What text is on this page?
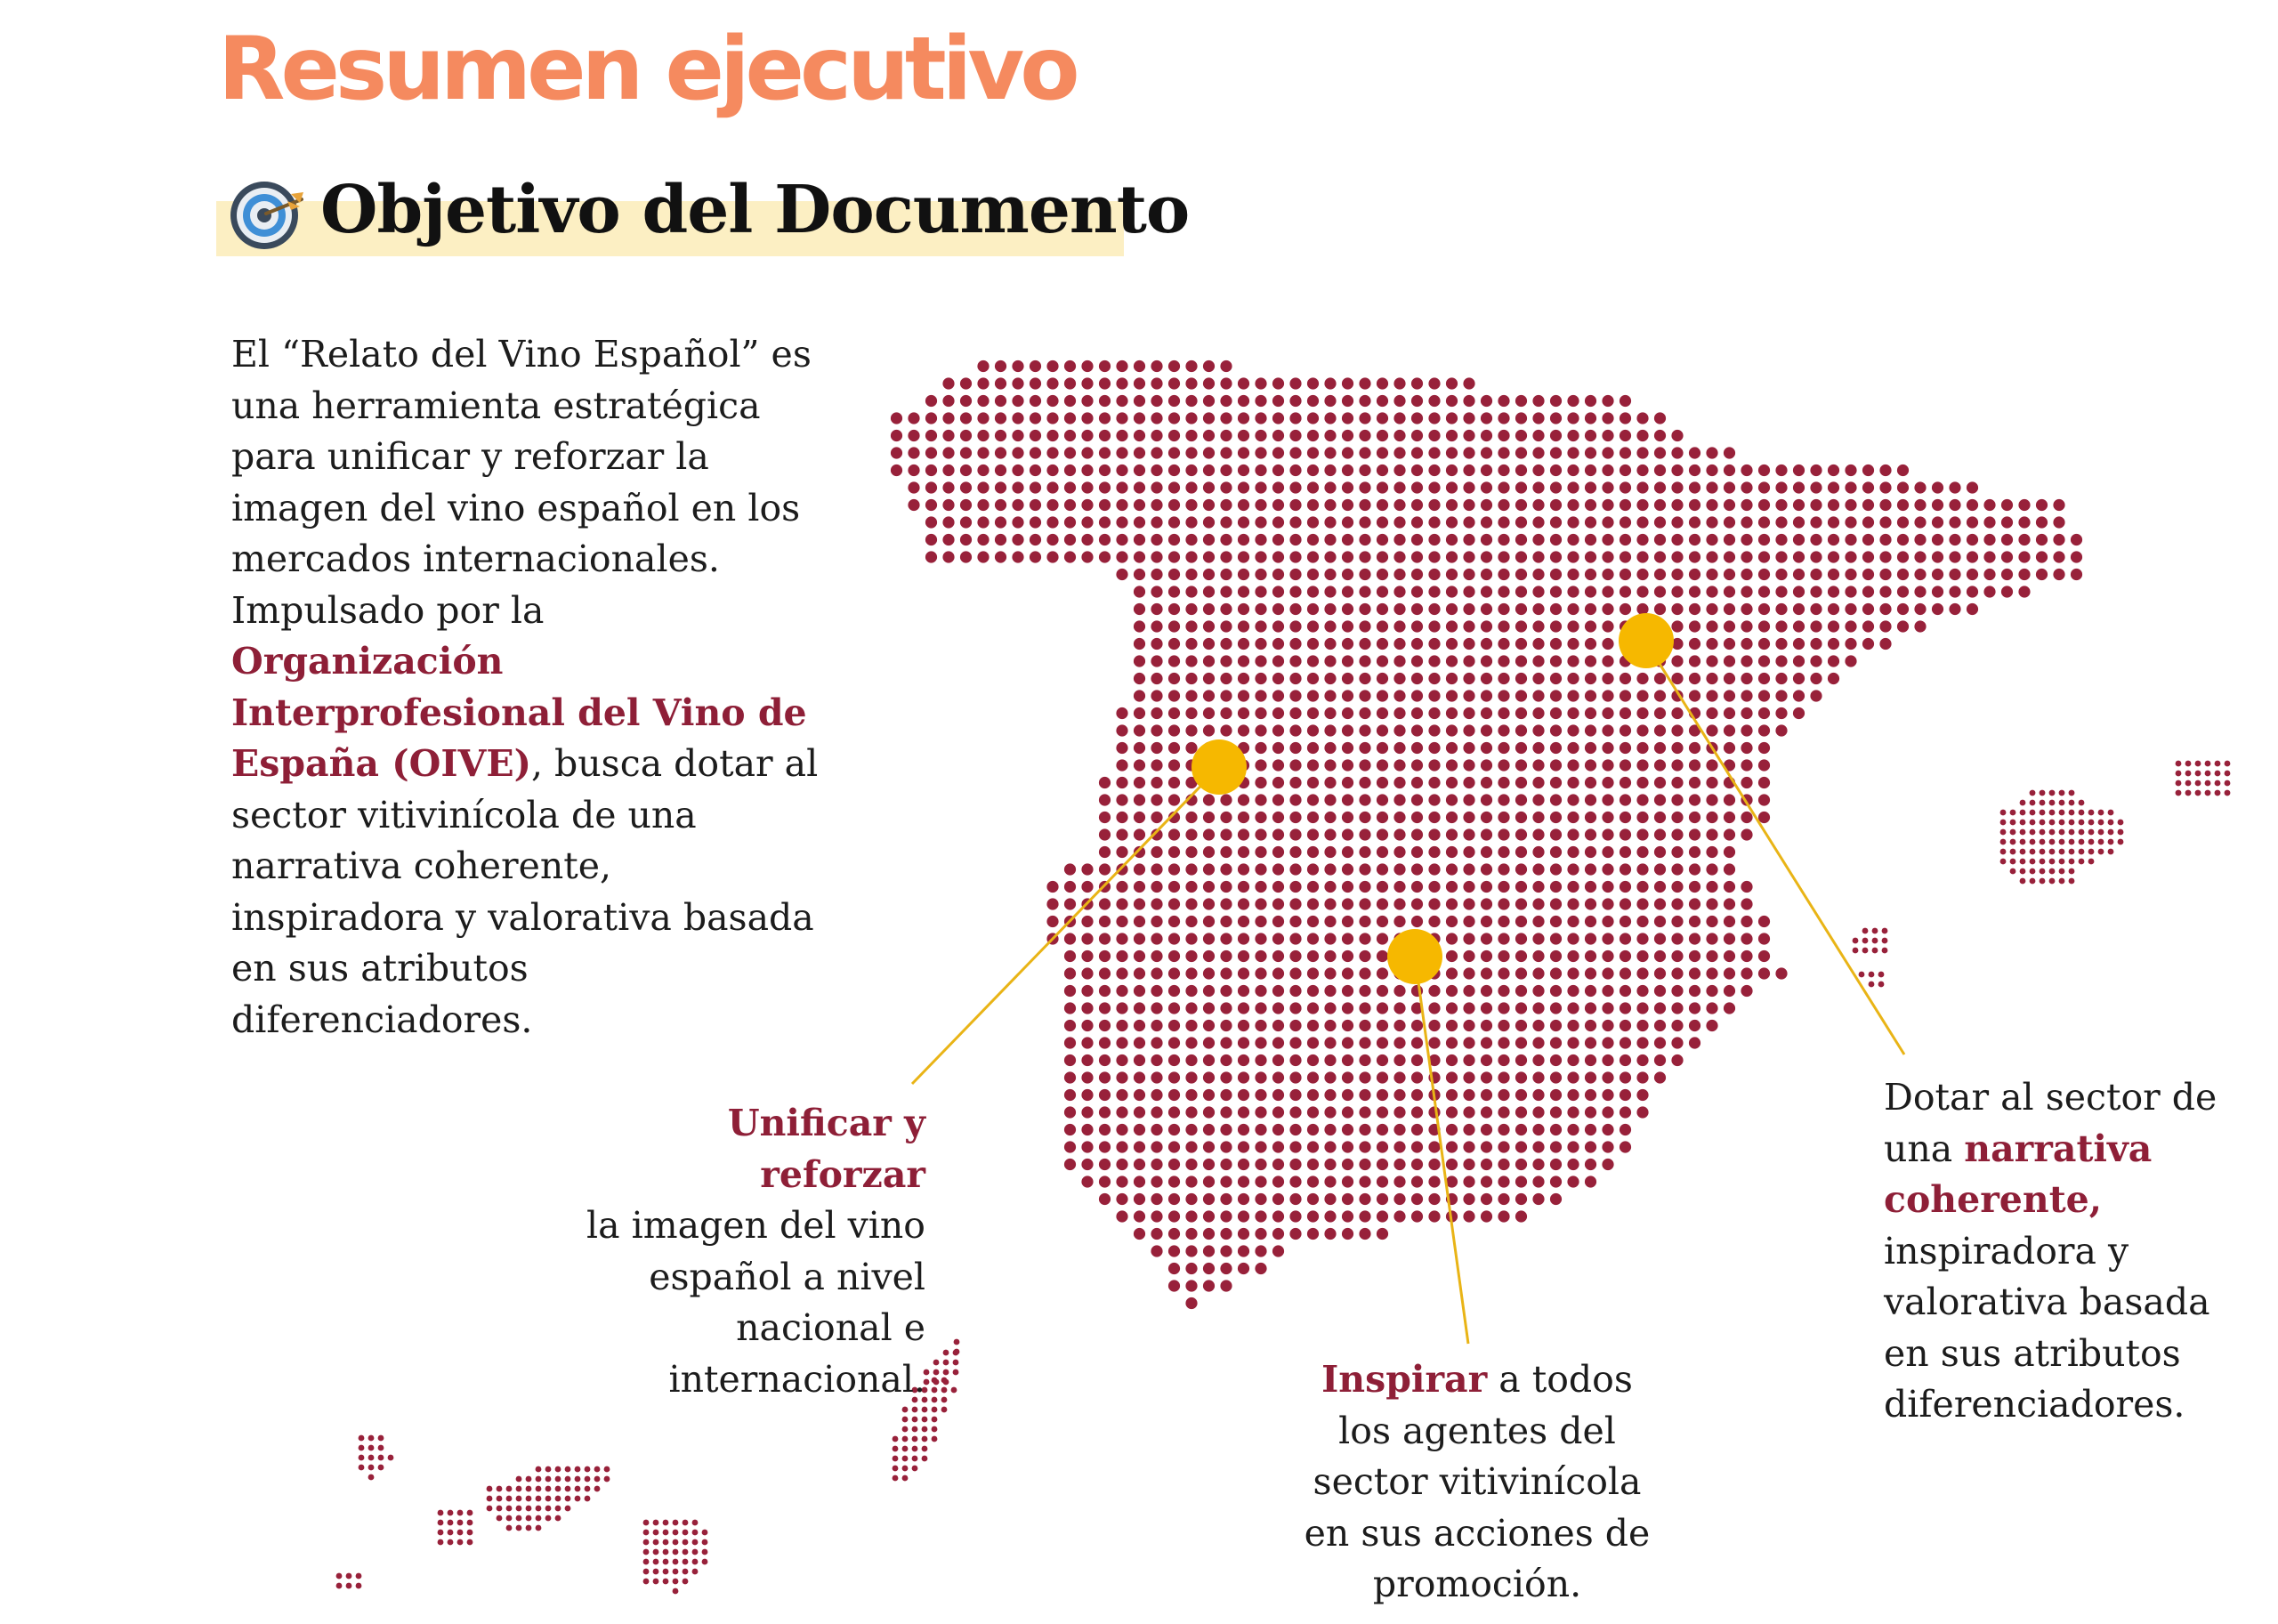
Resumen ejecutivo
Objetivo del Documento

El “Relato del Vino Español” es una herramienta estratégica para unificar y reforzar la imagen del vino español en los mercados internacionales. Impulsado por la Organización Interprofesional del Vino de España (OIVE), busca dotar al sector vitivinícola de una narrativa coherente, inspiradora y valorativa basada en sus atributos diferenciadores.

Unificar y reforzar
la imagen del vino español a nivel nacional e internacional.	Inspirar a todos los agentes del sector vitivinícola en sus acciones de promoción.

Dotar al sector de una narrativa coherente, inspiradora y valorativa basada en sus atributos diferenciadores.
